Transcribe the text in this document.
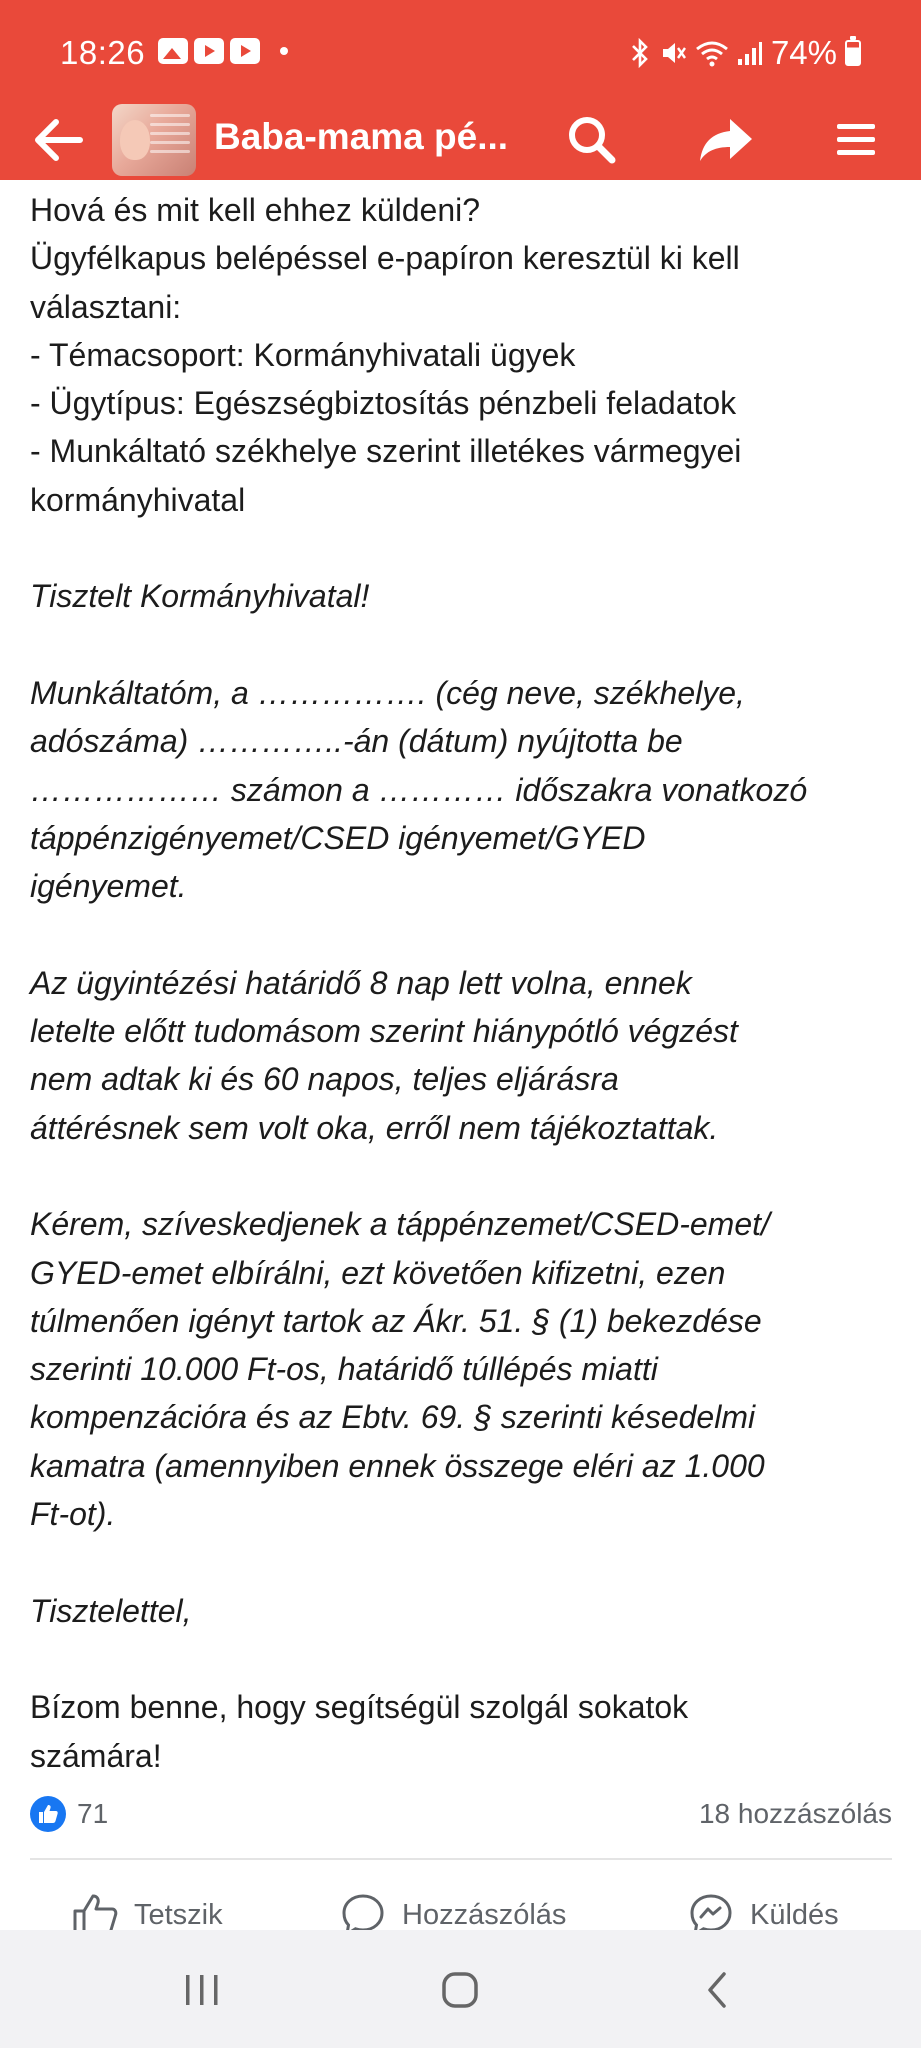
18:26	74%
Baba-mama pé...

Hová és mit kell ehhez küldeni?
Ügyfélkapus belépéssel e-papíron keresztül ki kell
választani:
- Témacsoport: Kormányhivatali ügyek
- Ügytípus: Egészségbiztosítás pénzbeli feladatok
- Munkáltató székhelye szerint illetékes vármegyei
kormányhivatal

Tisztelt Kormányhivatal!

Munkáltatóm, a ……………. (cég neve, székhelye,
adószáma) …………..-án (dátum) nyújtotta be
……………… számon a ………… időszakra vonatkozó
táppénzigényemet/CSED igényemet/GYED
igényemet.

Az ügyintézési határidő 8 nap lett volna, ennek
letelte előtt tudomásom szerint hiánypótló végzést
nem adtak ki és 60 napos, teljes eljárásra
áttérésnek sem volt oka, erről nem tájékoztattak.

Kérem, szíveskedjenek a táppénzemet/CSED-emet/
GYED-emet elbírálni, ezt követően kifizetni, ezen
túlmenően igényt tartok az Ákr. 51. § (1) bekezdése
szerinti 10.000 Ft-os, határidő túllépés miatti
kompenzációra és az Ebtv. 69. § szerinti késedelmi
kamatra (amennyiben ennek összege eléri az 1.000
Ft-ot).

Tisztelettel,

Bízom benne, hogy segítségül szolgál sokatok
számára!

71	18 hozzászólás
Tetszik	Hozzászólás	Küldés
